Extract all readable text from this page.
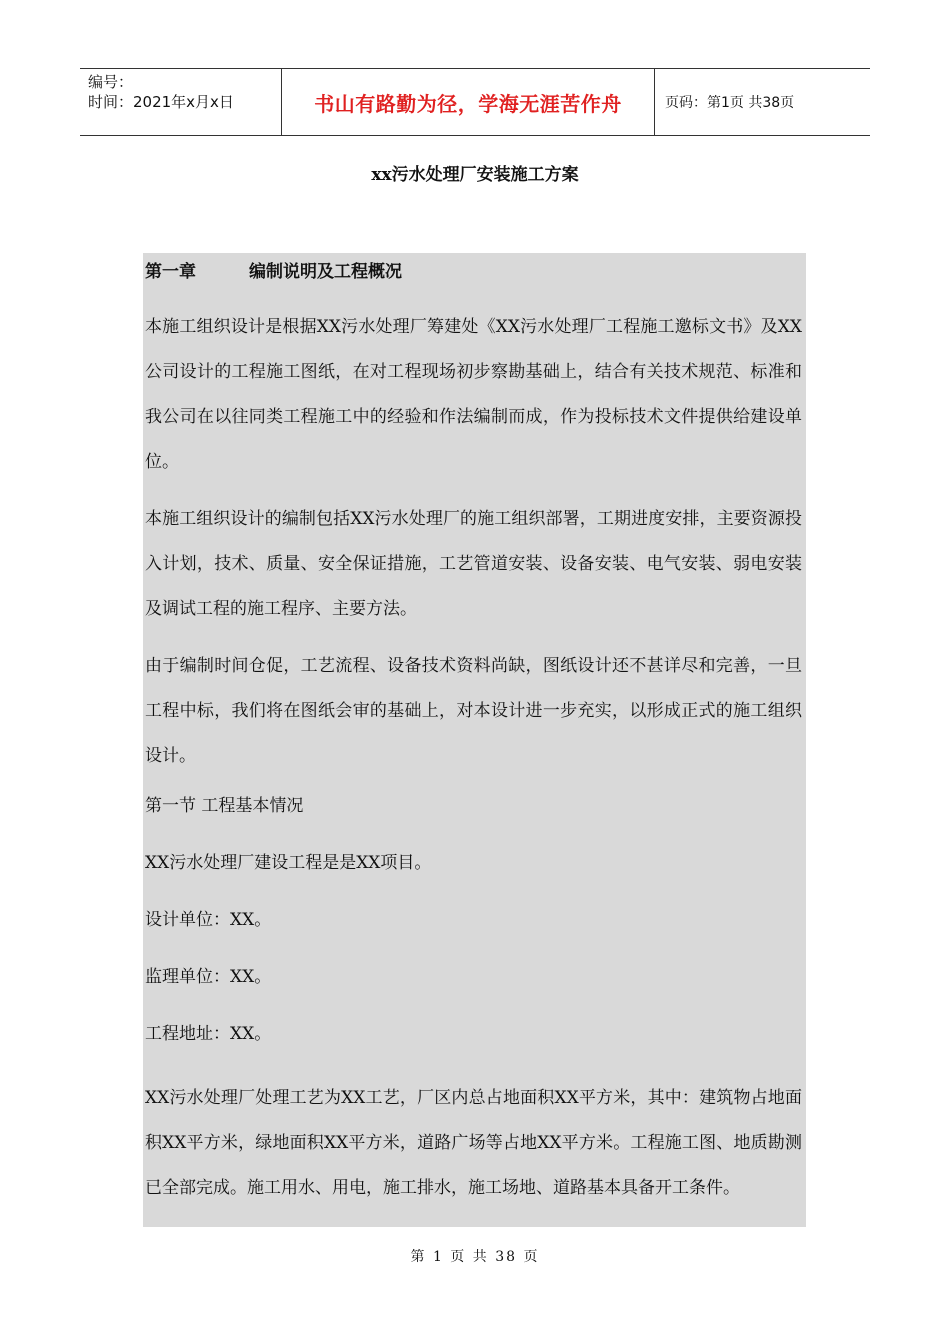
编号：
时间：2021年x月x日	书山有路勤为径，学海无涯苦作舟	页码：第1页 共38页
xx污水处理厂安装施工方案
第一章	编制说明及工程概况

本施工组织设计是根据XX污水处理厂筹建处《XX污水处理厂工程施工邀标文书》及XX公司设计的工程施工图纸，在对工程现场初步察勘基础上，结合有关技术规范、标准和我公司在以往同类工程施工中的经验和作法编制而成，作为投标技术文件提供给建设单位。

本施工组织设计的编制包括XX污水处理厂的施工组织部署，工期进度安排，主要资源投入计划，技术、质量、安全保证措施，工艺管道安装、设备安装、电气安装、弱电安装及调试工程的施工程序、主要方法。

由于编制时间仓促，工艺流程、设备技术资料尚缺，图纸设计还不甚详尽和完善，一旦工程中标，我们将在图纸会审的基础上，对本设计进一步充实，以形成正式的施工组织设计。

第一节 工程基本情况
XX污水处理厂建设工程是是XX项目。
设计单位：XX。
监理单位：XX。
工程地址：XX。

XX污水处理厂处理工艺为XX工艺，厂区内总占地面积XX平方米，其中：建筑物占地面积XX平方米，绿地面积XX平方米，道路广场等占地XX平方米。工程施工图、地质勘测已全部完成。施工用水、用电，施工排水，施工场地、道路基本具备开工条件。

第 1 页 共 38 页
